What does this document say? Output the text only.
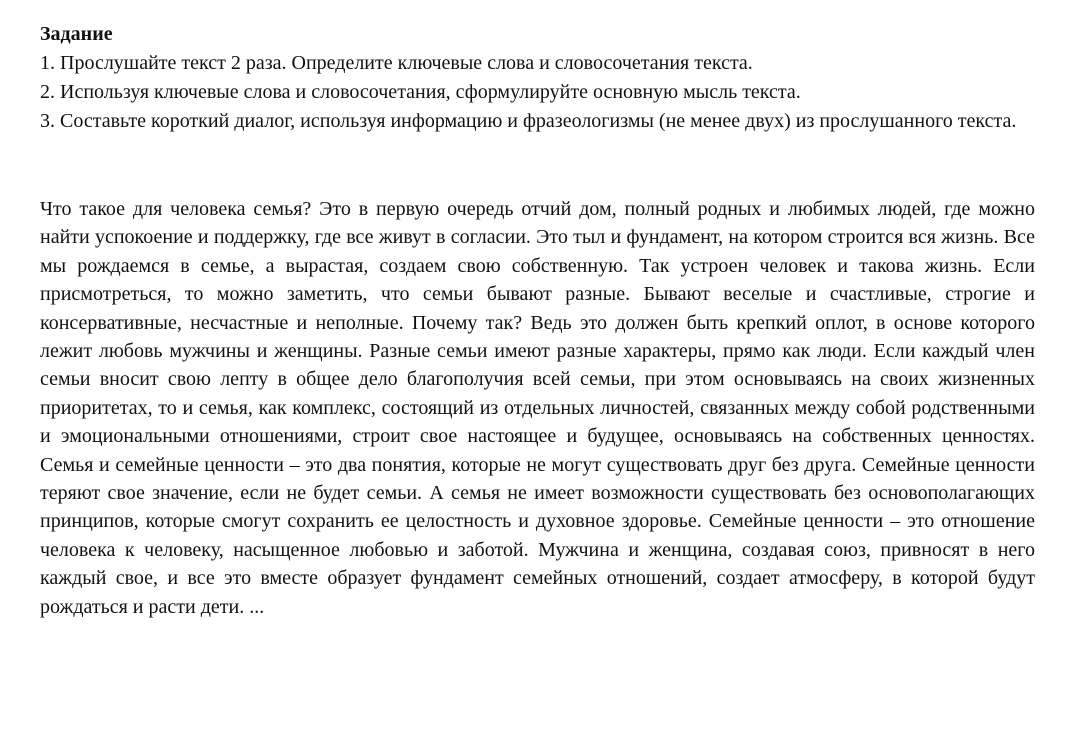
Задание
1. Прослушайте текст 2 раза. Определите ключевые слова и словосочетания текста.
2. Используя ключевые слова и словосочетания, сформулируйте основную мысль текста.
3. Составьте короткий диалог, используя информацию и фразеологизмы (не менее двух) из прослушанного текста.

Что такое для человека семья? Это в первую очередь отчий дом, полный родных и любимых людей, где можно найти успокоение и поддержку, где все живут в согласии. Это тыл и фундамент, на котором строится вся жизнь. Все мы рождаемся в семье, а вырастая, создаем свою собственную. Так устроен человек и такова жизнь. Если присмотреться, то можно заметить, что семьи бывают разные. Бывают веселые и счастливые, строгие и консервативные, несчастные и неполные. Почему так? Ведь это должен быть крепкий оплот, в основе которого лежит любовь мужчины и женщины. Разные семьи имеют разные характеры, прямо как люди. Если каждый член семьи вносит свою лепту в общее дело благополучия всей семьи, при этом основываясь на своих жизненных приоритетах, то и семья, как комплекс, состоящий из отдельных личностей, связанных между собой родственными и эмоциональными отношениями, строит свое настоящее и будущее, основываясь на собственных ценностях. Семья и семейные ценности – это два понятия, которые не могут существовать друг без друга. Семейные ценности теряют свое значение, если не будет семьи. А семья не имеет возможности существовать без основополагающих принципов, которые смогут сохранить ее целостность и духовное здоровье. Семейные ценности – это отношение человека к человеку, насыщенное любовью и заботой. Мужчина и женщина, создавая союз, привносят в него каждый свое, и все это вместе образует фундамент семейных отношений, создает атмосферу, в которой будут рождаться и расти дети. ...
